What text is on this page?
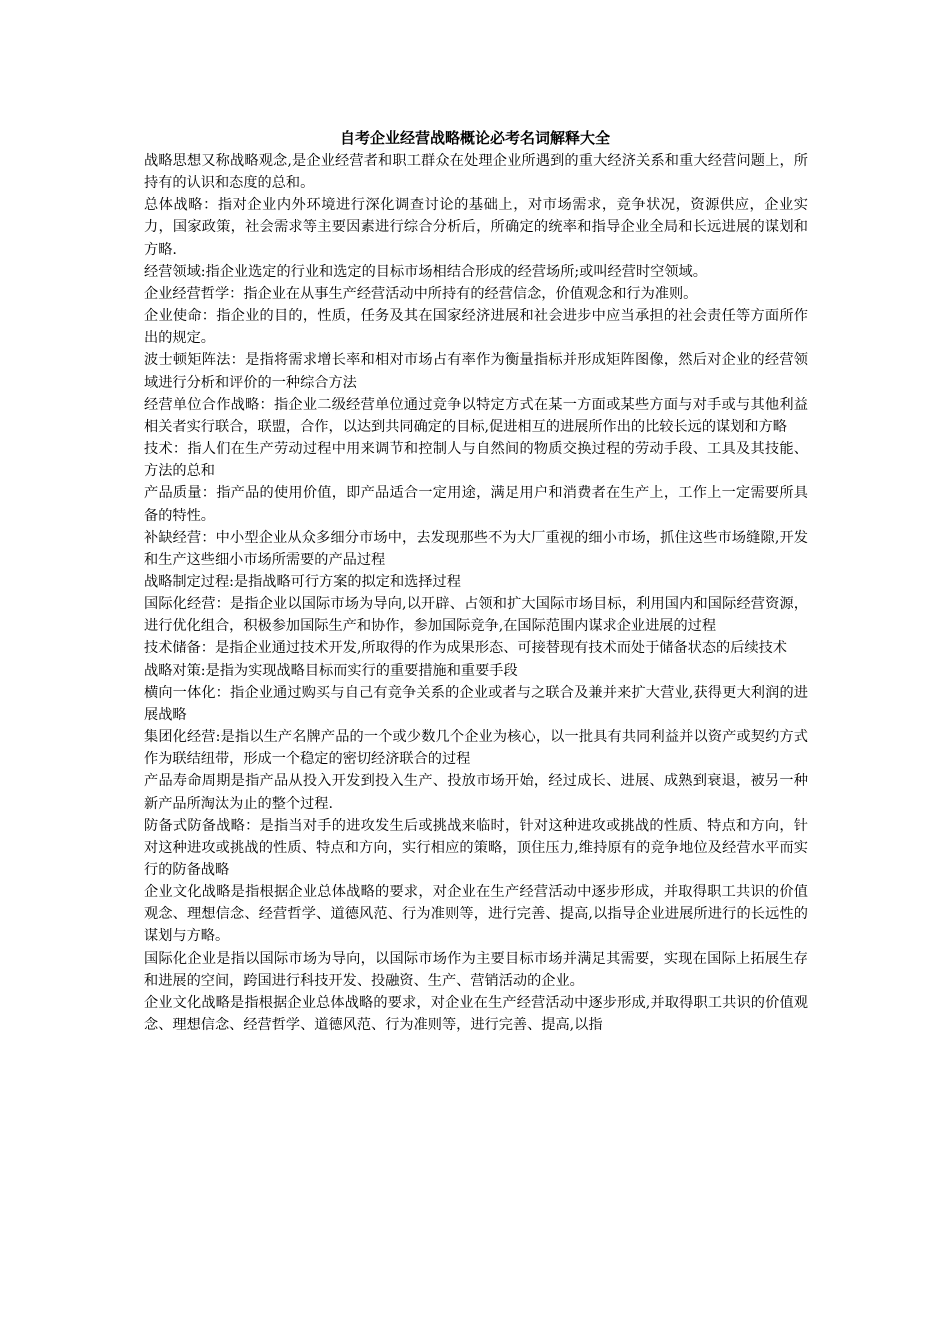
自考企业经营战略概论必考名词解释大全

战略思想又称战略观念,是企业经营者和职工群众在处理企业所遇到的重大经济关系和重大经营问题上，所持有的认识和态度的总和。

总体战略：指对企业内外环境进行深化调查讨论的基础上，对市场需求，竞争状况，资源供应，企业实力，国家政策，社会需求等主要因素进行综合分析后，所确定的统率和指导企业全局和长远进展的谋划和方略.

经营领域:指企业选定的行业和选定的目标市场相结合形成的经营场所;或叫经营时空领域。

企业经营哲学：指企业在从事生产经营活动中所持有的经营信念，价值观念和行为准则。

企业使命：指企业的目的，性质，任务及其在国家经济进展和社会进步中应当承担的社会责任等方面所作出的规定。

波士顿矩阵法：是指将需求增长率和相对市场占有率作为衡量指标并形成矩阵图像，然后对企业的经营领域进行分析和评价的一种综合方法

经营单位合作战略：指企业二级经营单位通过竞争以特定方式在某一方面或某些方面与对手或与其他利益相关者实行联合，联盟，合作，以达到共同确定的目标,促进相互的进展所作出的比较长远的谋划和方略

技术：指人们在生产劳动过程中用来调节和控制人与自然间的物质交换过程的劳动手段、工具及其技能、方法的总和

产品质量：指产品的使用价值，即产品适合一定用途，满足用户和消费者在生产上，工作上一定需要所具备的特性。

补缺经营：中小型企业从众多细分市场中，去发现那些不为大厂重视的细小市场，抓住这些市场缝隙,开发和生产这些细小市场所需要的产品过程

战略制定过程:是指战略可行方案的拟定和选择过程

国际化经营：是指企业以国际市场为导向,以开辟、占领和扩大国际市场目标，利用国内和国际经营资源，进行优化组合，积极参加国际生产和协作，参加国际竞争,在国际范围内谋求企业进展的过程

技术储备：是指企业通过技术开发,所取得的作为成果形态、可接替现有技术而处于储备状态的后续技术

战略对策:是指为实现战略目标而实行的重要措施和重要手段

横向一体化：指企业通过购买与自己有竞争关系的企业或者与之联合及兼并来扩大营业,获得更大利润的进展战略

集团化经营:是指以生产名牌产品的一个或少数几个企业为核心，以一批具有共同利益并以资产或契约方式作为联结纽带，形成一个稳定的密切经济联合的过程

产品寿命周期是指产品从投入开发到投入生产、投放市场开始，经过成长、进展、成熟到衰退，被另一种新产品所淘汰为止的整个过程.

防备式防备战略：是指当对手的进攻发生后或挑战来临时，针对这种进攻或挑战的性质、特点和方向，针对这种进攻或挑战的性质、特点和方向，实行相应的策略，顶住压力,维持原有的竞争地位及经营水平而实行的防备战略

企业文化战略是指根据企业总体战略的要求，对企业在生产经营活动中逐步形成，并取得职工共识的价值观念、理想信念、经营哲学、道德风范、行为准则等，进行完善、提高,以指导企业进展所进行的长远性的谋划与方略。

国际化企业是指以国际市场为导向，以国际市场作为主要目标市场并满足其需要，实现在国际上拓展生存和进展的空间，跨国进行科技开发、投融资、生产、营销活动的企业。

企业文化战略是指根据企业总体战略的要求，对企业在生产经营活动中逐步形成,并取得职工共识的价值观念、理想信念、经营哲学、道德风范、行为准则等，进行完善、提高,以指
